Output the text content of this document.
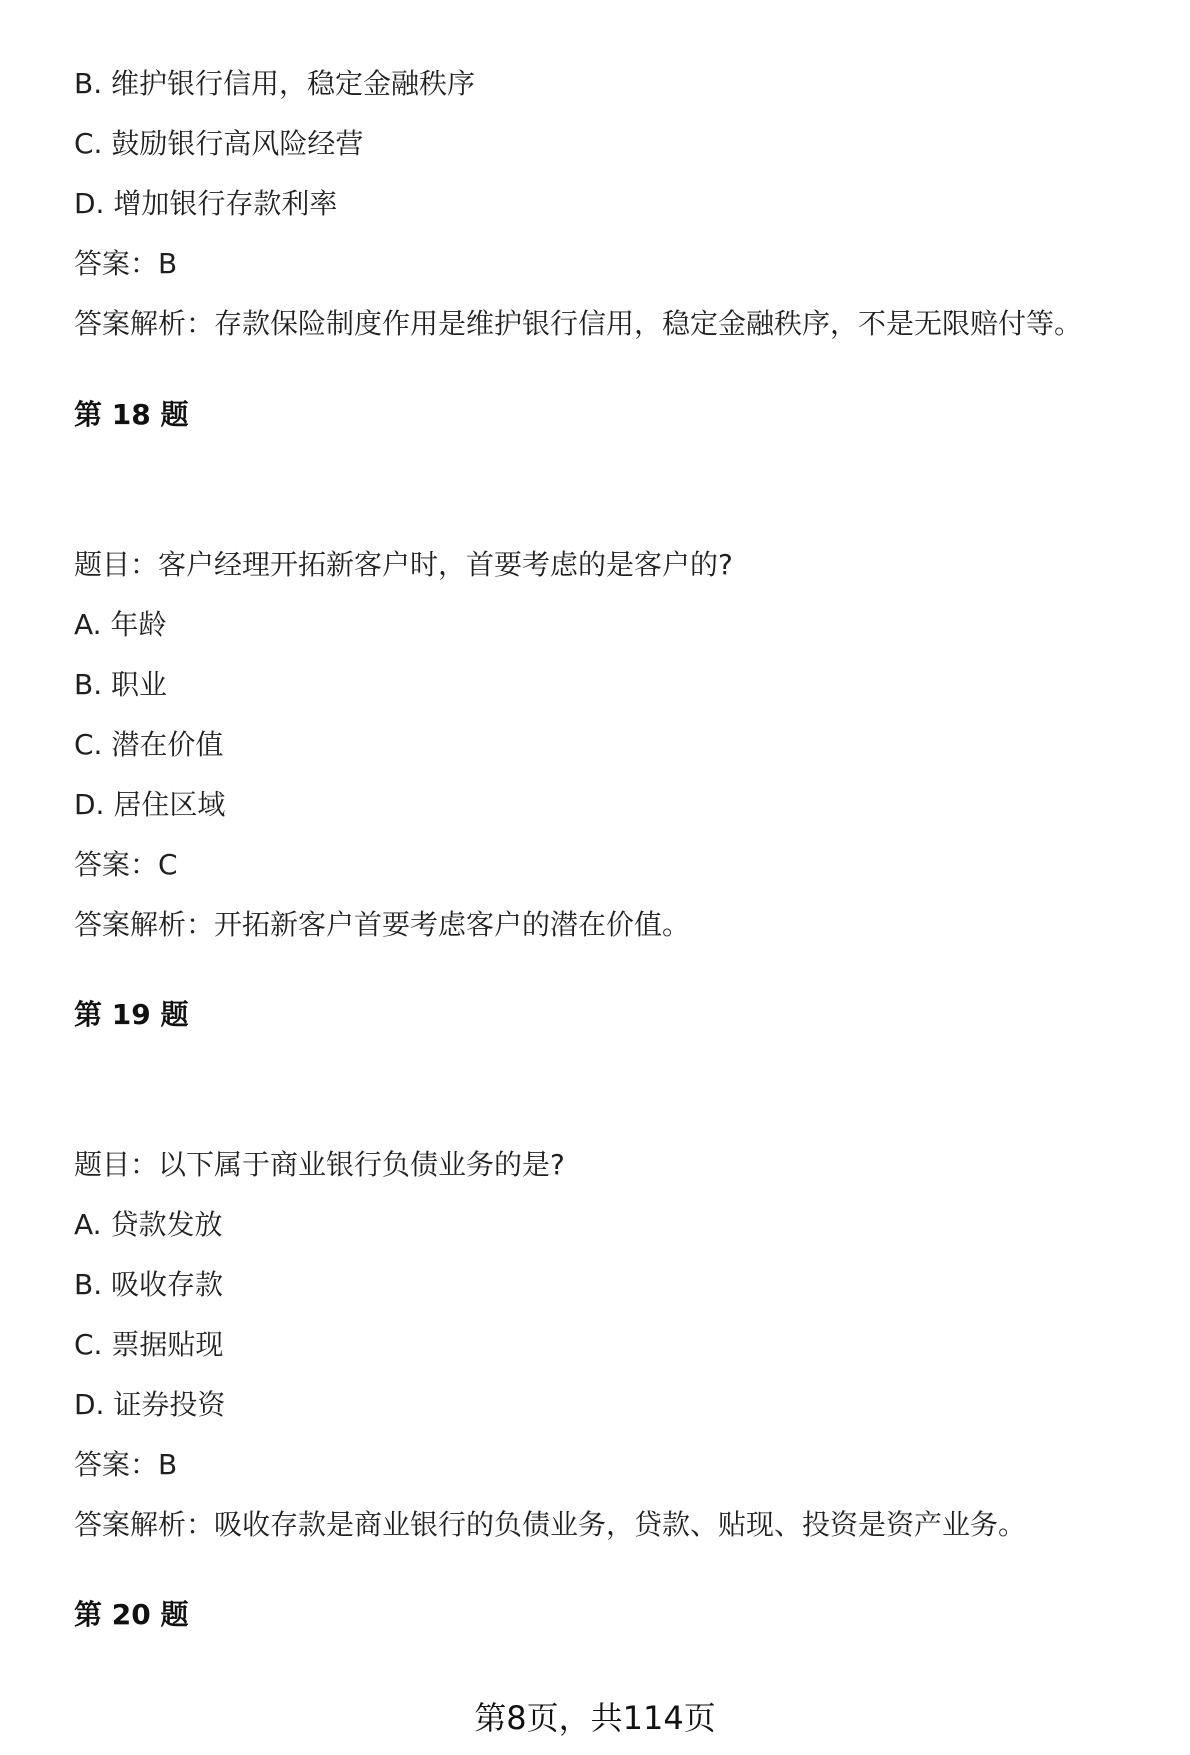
B. 维护银行信用，稳定金融秩序
C. 鼓励银行高风险经营
D. 增加银行存款利率
答案：B
答案解析：存款保险制度作用是维护银行信用，稳定金融秩序，不是无限赔付等。
第 18 题
题目：客户经理开拓新客户时，首要考虑的是客户的?
A. 年龄
B. 职业
C. 潜在价值
D. 居住区域
答案：C
答案解析：开拓新客户首要考虑客户的潜在价值。
第 19 题
题目：以下属于商业银行负债业务的是?
A. 贷款发放
B. 吸收存款
C. 票据贴现
D. 证券投资
答案：B
答案解析：吸收存款是商业银行的负债业务，贷款、贴现、投资是资产业务。
第 20 题
第8页，共114页
